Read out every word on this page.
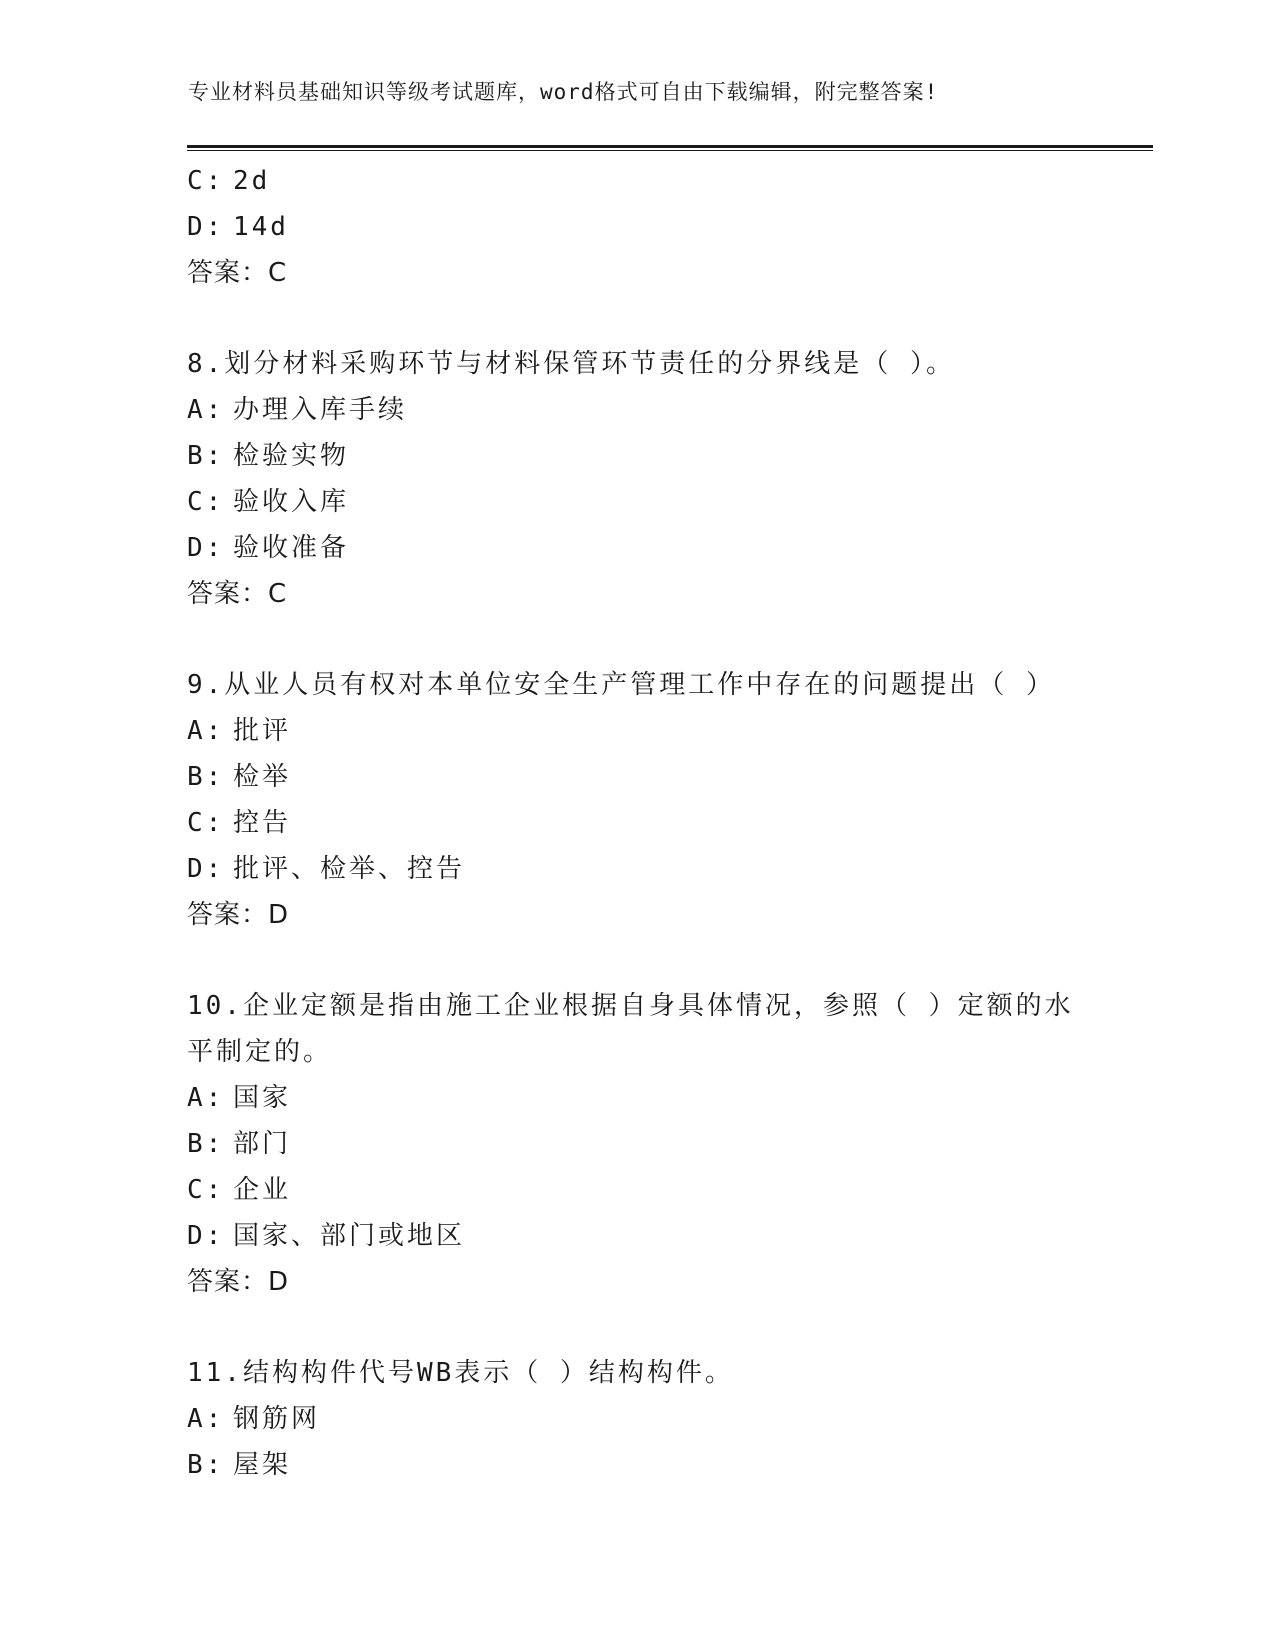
专业材料员基础知识等级考试题库，word格式可自由下载编辑，附完整答案!
C: 2d
D: 14d
答案：C
8.划分材料采购环节与材料保管环节责任的分界线是（ ）。
A: 办理入库手续
B: 检验实物
C: 验收入库
D: 验收准备
答案：C
9.从业人员有权对本单位安全生产管理工作中存在的问题提出（ ）
A: 批评
B: 检举
C: 控告
D: 批评、检举、控告
答案：D
10.企业定额是指由施工企业根据自身具体情况，参照（ ）定额的水
平制定的。
A: 国家
B: 部门
C: 企业
D: 国家、部门或地区
答案：D
11.结构构件代号WB表示（ ）结构构件。
A: 钢筋网
B: 屋架
